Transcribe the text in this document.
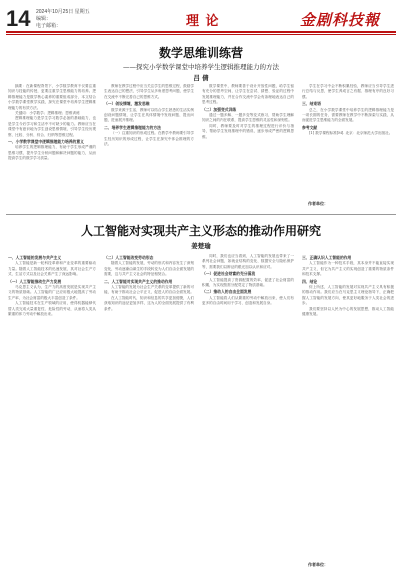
14 2024年10月25日 星期五
编辑：
电子邮箱：	理 论	金剧科技報
数学思维训练营
——探究小学数学课堂中培养学生逻辑推理能力的方法
吕 倩

摘要：在新课程背景下，小学数学教育不仅要注重知识与技能的传授，更要注重学生思维能力的培养。逻辑推理能力是数学核心素养的重要组成部分，本文结合小学数学课堂教学实践，探究在课堂中培养学生逻辑推理能力的有效方法。

关键词：小学数学；逻辑推理；思维训练

逻辑推理能力是学生学习数学必备的基础能力，也是学生今后学习和生活中不可缺少的能力。教师应当在课堂中有意识地为学生创设思维情境，引导学生经历观察、比较、分析、综合、归纳等思维过程。

一、小学数学课堂中逻辑推理能力培养的意义

培养学生的逻辑推理能力，有助于学生形成严谨的思维习惯，提升学生分析问题和解决问题的能力，从而提高学生的数学学习质量。

教师在教学过程中应当关注学生的思维过程，鼓励学生表达自己的想法，引导学生从多角度思考问题，使学生在交流中不断完善自己的思维方式。

（一）创设情境，激发思维

数学来源于生活，教师可以结合学生熟悉的生活实例创设问题情境，让学生在具体情境中发现问题、提出问题，进而展开推理。

二、培养学生逻辑推理能力的方法

（一）注重知识的形成过程。在教学中教师要引导学生经历知识的形成过程，让学生在探究中体会推理的方法。

数学课堂中，教师要善于设计开放性问题，给学生留有充分的思考空间，让学生在尝试、猜想、验证的过程中发展推理能力，并在合作交流中学会有条理地表达自己的思考过程。

（二）加强变式训练

通过一题多解、一题多变等变式练习，帮助学生理解知识之间的内在联系，提高学生思维的灵活性和深刻性。

同时，教师要及时对学生的推理过程进行评价与指导，帮助学生发现推理中的错误，逐步形成严密的逻辑思维。

学生在学习中会不断积累经验，教师应当引导学生进行总结与反思，使学生养成言之有据、推理有序的良好习惯。

三、结束语

总之，在小学数学课堂中培养学生的逻辑推理能力是一项长期的任务，需要教师在教学中不断探索与实践，从而促进学生思维能力的全面发展。

参考文献

[1] 数学课程标准[M]. 北京：北京师范大学出版社。

作者单位：
人工智能对实现共产主义形态的推动作用研究
姜楚瑜
一、人工智能的发展与共产主义

人工智能是新一轮科技革命和产业变革的重要驱动力量。随着人工智能技术的迅速发展，其对社会生产方式、生活方式以及社会关系产生了深远影响。

（一）人工智能推动生产力发展

马克思主义认为，生产力的高度发展是实现共产主义的物质基础。人工智能的广泛应用极大地提高了劳动生产率，为社会财富的极大丰富创造了条件。

人工智能技术在生产领域的应用，使得机器能够代替人类完成大量重复性、危险性的劳动，从而将人类从繁重的体力劳动中解放出来。

（二）人工智能改变劳动形态

随着人工智能的发展，劳动的形式和内容发生了深刻变化，劳动逐渐由谋生的手段转变为人们自由全面发展的需要，这与共产主义社会的特征相契合。

二、人工智能对实现共产主义的推动作用

人工智能的发展为社会生产关系的变革提供了新的可能，有助于推动社会公平正义，促进人的自由全面发展。

在人工智能时代，知识和信息的共享更加便捷，人们获取知识的途径更加多样，这为人的全面发展提供了有利条件。

同时，我们也应当看到，人工智能的发展也带来了一系列社会问题，如就业结构的变化、数据安全与隐私保护等，需要我们以辩证的眼光加以认识和应对。

（一）促进社会财富的充分涌流

人工智能提高了资源配置的效率，促进了社会财富的积累，为实现按需分配奠定了物质基础。

（二）推动人的自由全面发展

人工智能将人们从繁重的劳动中解放出来，使人们有更多的自由时间用于学习、创造和发展自身。

三、正确认识人工智能的作用

人工智能作为一种技术手段，其本身并不能直接实现共产主义，但它为共产主义的实现创造了重要的物质条件和技术支撑。

四、结论

综上所述，人工智能的发展对实现共产主义具有积极的推动作用。我们应当在马克思主义理论指导下，正确把握人工智能的发展方向，使其更好地服务于人类社会的进步。

我们要坚持以人民为中心的发展思想，推动人工智能健康发展。

作者单位：
